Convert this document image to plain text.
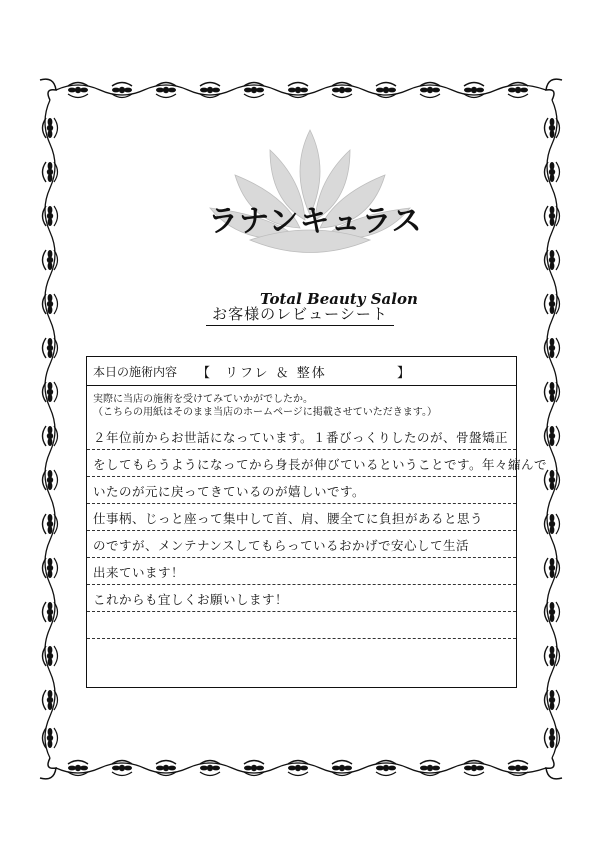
Total Beauty Salon
ラナンキュラス
お客様のレビューシート
本日の施術内容 【 リフレ ＆ 整体	】
実際に当店の施術を受けてみていかがでしたか。
（こちらの用紙はそのまま当店のホームページに掲載させていただきます。）
２年位前からお世話になっています。１番びっくりしたのが、骨盤矯正
をしてもらうようになってから身長が伸びているということです。年々縮んで
いたのが元に戻ってきているのが嬉しいです。
仕事柄、じっと座って集中して首、肩、腰全てに負担があると思う
のですが、メンテナンスしてもらっているおかげで安心して生活
出来ています！
これからも宜しくお願いします！
